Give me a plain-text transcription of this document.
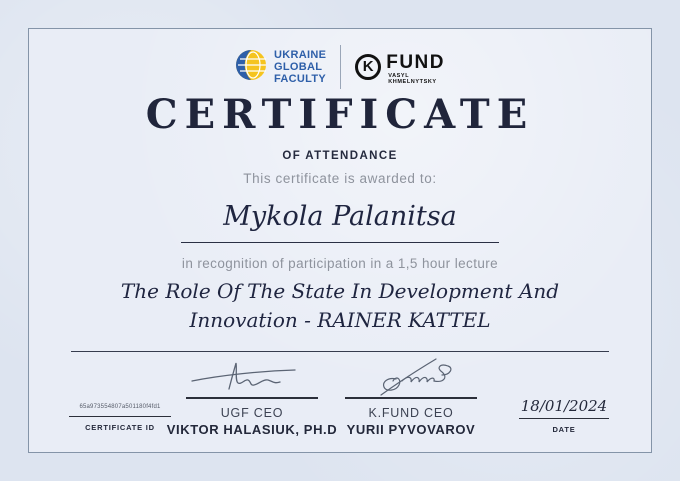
UKRAINE
GLOBAL
FACULTY
K FUND
VASYL
KHMELNYTSKY
CERTIFICATE
OF ATTENDANCE
This certificate is awarded to:
Mykola Palanitsa
in recognition of participation in a 1,5 hour lecture
The Role Of The State In Development And Innovation - RAINER KATTEL
UGF CEO
VIKTOR HALASIUK, PH.D
K.FUND CEO
YURII PYVOVAROV
65a973554807a501180f4fd1
CERTIFICATE ID
18/01/2024
DATE
